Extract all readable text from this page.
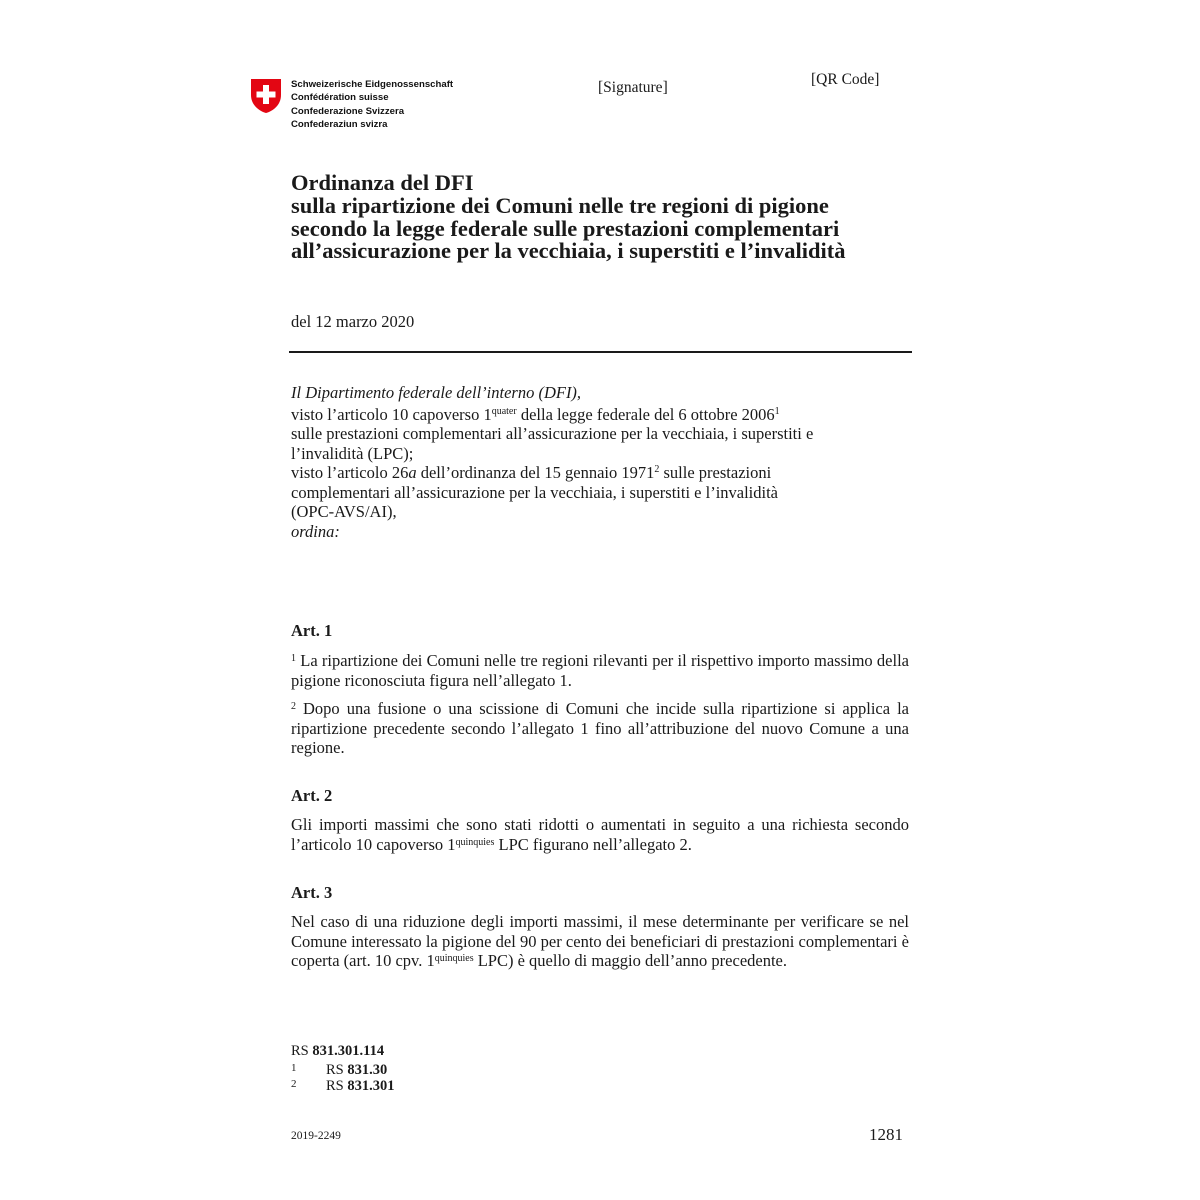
Schweizerische Eidgenossenschaft
Confédération suisse
Confederazione Svizzera
Confederaziun svizra
[Signature]	[QR Code]
Ordinanza del DFI
sulla ripartizione dei Comuni nelle tre regioni di pigione
secondo la legge federale sulle prestazioni complementari
all’assicurazione per la vecchiaia, i superstiti e l’invalidità
del 12 marzo 2020

Il Dipartimento federale dell’interno (DFI),

visto l’articolo 10 capoverso $1^{quater}$ della legge federale del 6 ottobre 2006$^1$

sulle prestazioni complementari all’assicurazione per la vecchiaia, i superstiti e

l’invalidità (LPC);

visto l’articolo 26a dell’ordinanza del 15 gennaio 1971$^2$ sulle prestazioni

complementari all’assicurazione per la vecchiaia, i superstiti e l’invalidità

(OPC-AVS/AI),

ordina:

Art. 1

$^1$ La ripartizione dei Comuni nelle tre regioni rilevanti per il rispettivo importo massimo della pigione riconosciuta figura nell’allegato 1.

$^2$ Dopo una fusione o una scissione di Comuni che incide sulla ripartizione si applica la ripartizione precedente secondo l’allegato 1 fino all’attribuzione del nuovo Comune a una regione.

Art. 2

Gli importi massimi che sono stati ridotti o aumentati in seguito a una richiesta secondo l’articolo 10 capoverso $1^{quinquies}$ LPC figurano nell’allegato 2.

Art. 3

Nel caso di una riduzione degli importi massimi, il mese determinante per verificare se nel Comune interessato la pigione del 90 per cento dei beneficiari di prestazioni complementari è coperta (art. 10 cpv. $1^{quinquies}$ LPC) è quello di maggio dell’anno precedente.

RS 831.301.114
1	RS 831.30
2	RS 831.301
2019-2249	1281
